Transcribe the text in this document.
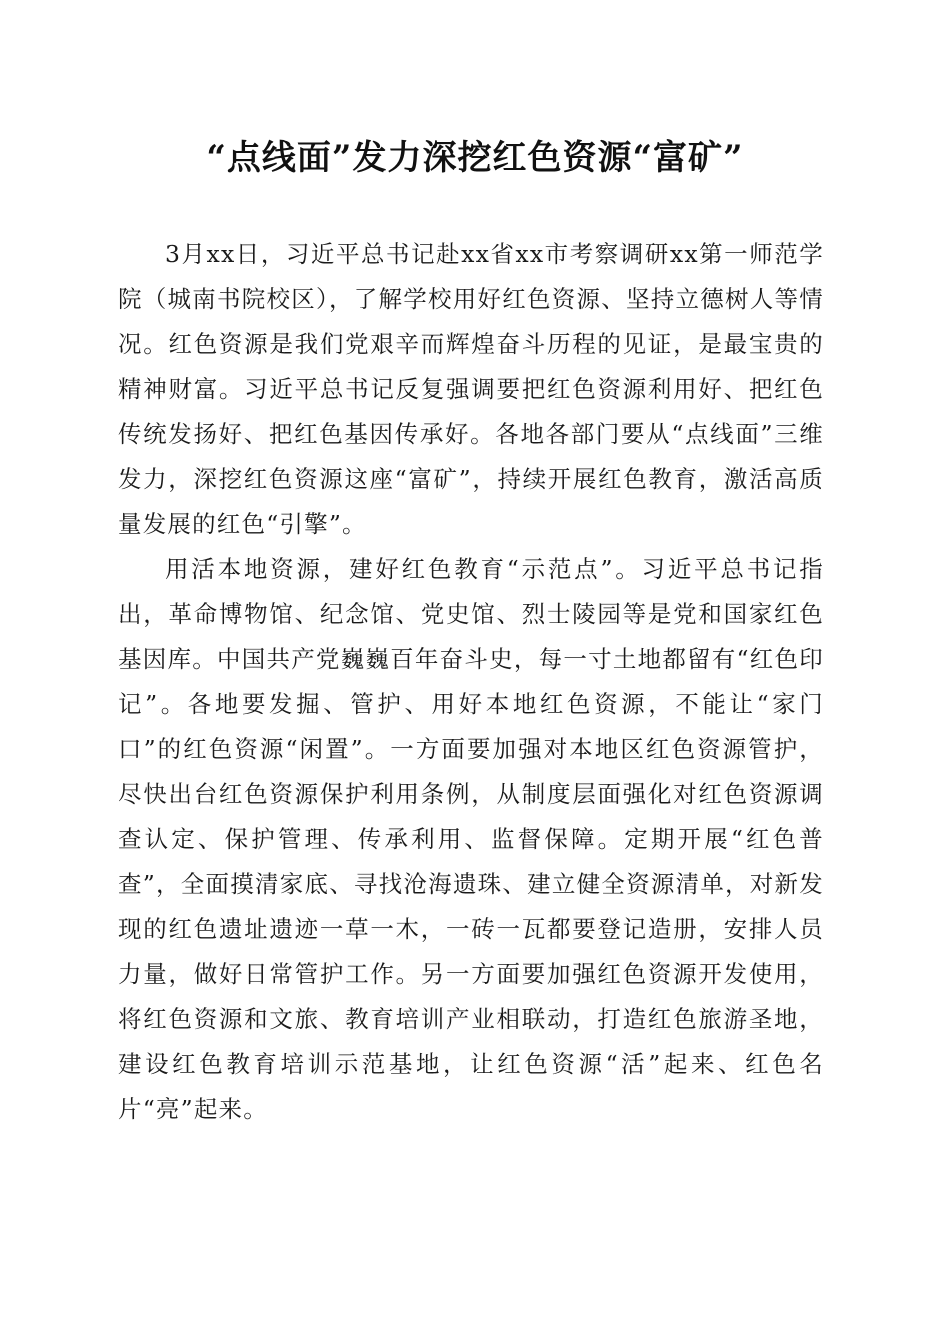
“点线面”发力深挖红色资源“富矿”

3月xx日，习近平总书记赴xx省xx市考察调研xx第一师范学院（城南书院校区），了解学校用好红色资源、坚持立德树人等情况。红色资源是我们党艰辛而辉煌奋斗历程的见证，是最宝贵的精神财富。习近平总书记反复强调要把红色资源利用好、把红色传统发扬好、把红色基因传承好。各地各部门要从“点线面”三维发力，深挖红色资源这座“富矿”，持续开展红色教育，激活高质量发展的红色“引擎”。

用活本地资源，建好红色教育“示范点”。习近平总书记指出，革命博物馆、纪念馆、党史馆、烈士陵园等是党和国家红色基因库。中国共产党巍巍百年奋斗史，每一寸土地都留有“红色印记”。各地要发掘、管护、用好本地红色资源，不能让“家门口”的红色资源“闲置”。一方面要加强对本地区红色资源管护，尽快出台红色资源保护利用条例，从制度层面强化对红色资源调查认定、保护管理、传承利用、监督保障。定期开展“红色普查”，全面摸清家底、寻找沧海遗珠、建立健全资源清单，对新发现的红色遗址遗迹一草一木，一砖一瓦都要登记造册，安排人员力量，做好日常管护工作。另一方面要加强红色资源开发使用，将红色资源和文旅、教育培训产业相联动，打造红色旅游圣地，建设红色教育培训示范基地，让红色资源“活”起来、红色名片“亮”起来。
